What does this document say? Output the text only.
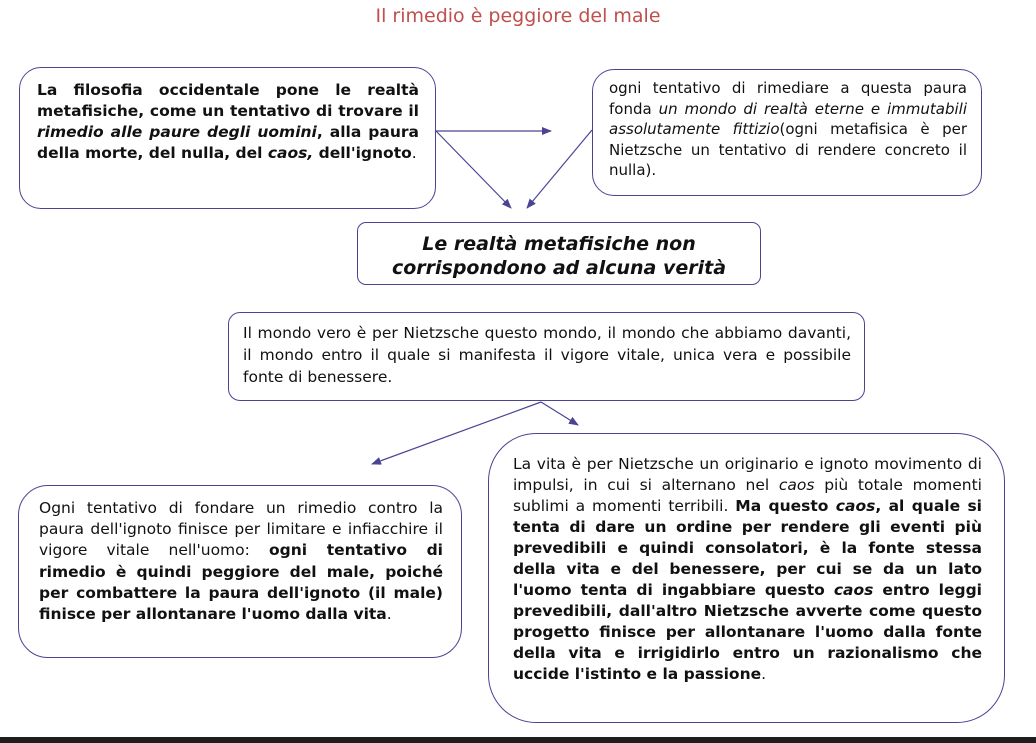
Il rimedio è peggiore del male
La filosofia occidentale pone le realtà metafisiche, come un tentativo di trovare il rimedio alle paure degli uomini, alla paura della morte, del nulla, del caos, dell'ignoto.
ogni tentativo di rimediare a questa paura fonda un mondo di realtà eterne e immutabili assolutamente fittizio(ogni metafisica è per Nietzsche un tentativo di rendere concreto il nulla).
Le realtà metafisiche non
corrispondono ad alcuna verità
Il mondo vero è per Nietzsche questo mondo, il mondo che abbiamo davanti, il mondo entro il quale si manifesta il vigore vitale, unica vera e possibile fonte di benessere.
Ogni tentativo di fondare un rimedio contro la paura dell'ignoto finisce per limitare e infiacchire il vigore vitale nell'uomo: ogni tentativo di rimedio è quindi peggiore del male, poiché per combattere la paura dell'ignoto (il male) finisce per allontanare l'uomo dalla vita.
La vita è per Nietzsche un originario e ignoto movimento di impulsi, in cui si alternano nel caos più totale momenti sublimi a momenti terribili. Ma questo caos, al quale si tenta di dare un ordine per rendere gli eventi più prevedibili e quindi consolatori, è la fonte stessa della vita e del benessere, per cui se da un lato l'uomo tenta di ingabbiare questo caos entro leggi prevedibili, dall'altro Nietzsche avverte come questo progetto finisce per allontanare l'uomo dalla fonte della vita e irrigidirlo entro un razionalismo che uccide l'istinto e la passione.
